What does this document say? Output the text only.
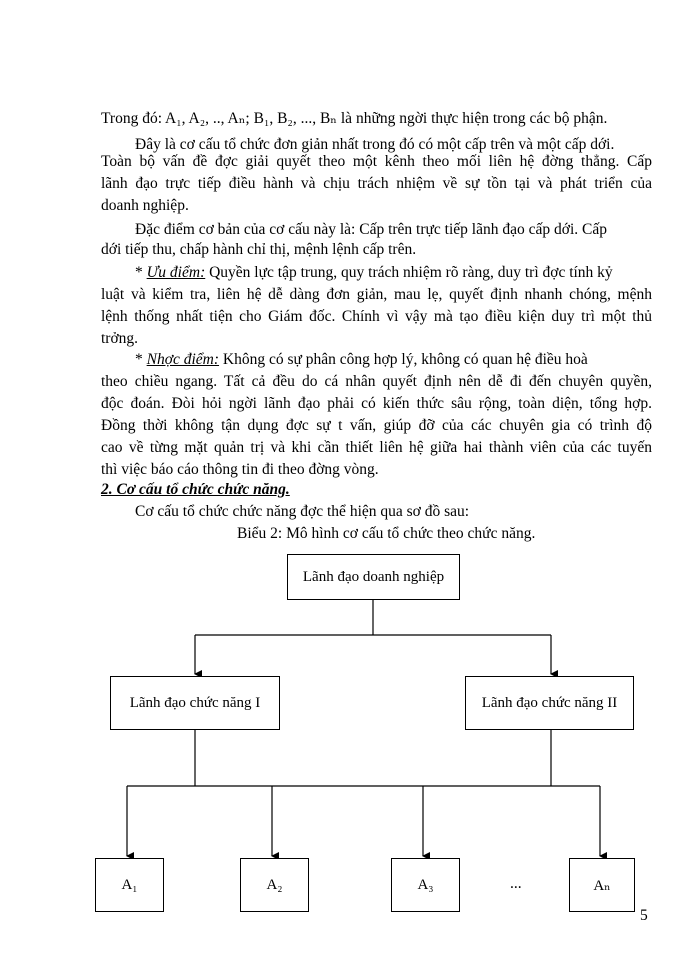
Trong đó: A₁, A₂, .., Aₙ; B₁, B₂, ..., Bₙ là những ngời thực hiện trong các bộ phận.
Đây là cơ cấu tổ chức đơn giản nhất trong đó có một cấp trên và một cấp dới.
Toàn bộ vấn đề đợc giải quyết theo một kênh theo mối liên hệ đờng thẳng. Cấp
lãnh đạo trực tiếp điều hành và chịu trách nhiệm về sự tồn tại và phát triển của
doanh nghiệp.
Đặc điểm cơ bản của cơ cấu này là: Cấp trên trực tiếp lãnh đạo cấp dới. Cấp
dới tiếp thu, chấp hành chỉ thị, mệnh lệnh cấp trên.
* Ưu điểm: Quyền lực tập trung, quy trách nhiệm rõ ràng, duy trì đợc tính kỷ
luật và kiểm tra, liên hệ dễ dàng đơn giản, mau lẹ, quyết định nhanh chóng, mệnh
lệnh thống nhất tiện cho Giám đốc. Chính vì vậy mà tạo điều kiện duy trì một thủ
trởng.
* Nhợc điểm: Không có sự phân công hợp lý, không có quan hệ điều hoà
theo chiều ngang. Tất cả đều do cá nhân quyết định nên dễ đi đến chuyên quyền,
độc đoán. Đòi hỏi ngời lãnh đạo phải có kiến thức sâu rộng, toàn diện, tổng hợp.
Đồng thời không tận dụng đợc sự t vấn, giúp đỡ của các chuyên gia có trình độ
cao về từng mặt quản trị và khi cần thiết liên hệ giữa hai thành viên của các tuyến
thì việc báo cáo thông tin đi theo đờng vòng.
2. Cơ cấu tổ chức chức năng.
Cơ cấu tổ chức chức năng đợc thể hiện qua sơ đồ sau:
Biểu 2: Mô hình cơ cấu tổ chức theo chức năng.
Lãnh đạo doanh nghiệp
Lãnh đạo chức năng I	Lãnh đạo chức năng II
A₁	A₂	A₃	...	Aₙ
5
